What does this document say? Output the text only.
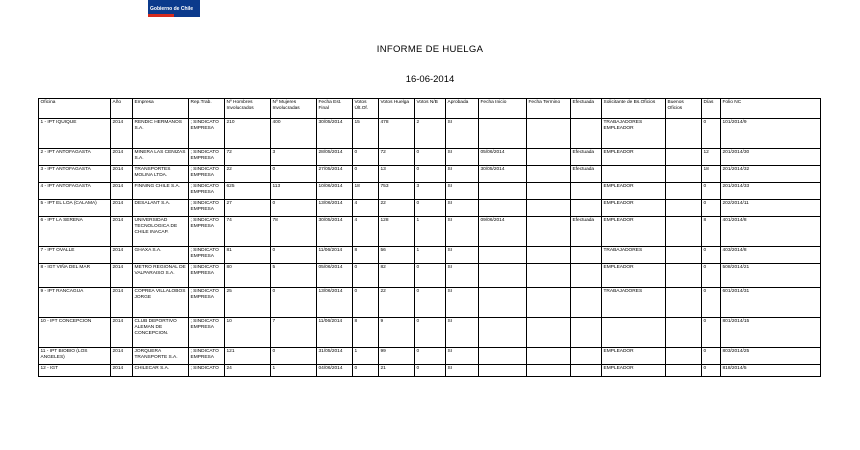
Gobierno de Chile
INFORME DE HUELGA
16-06-2014
Oficina	Año	Empresa	Rep.Trab.	Nº Hombres Involucrados	Nº Mujeres Involucradas	Fecha Est. Final	Votos Últ.Of.	Votos Huelga	Votos N/B	Aprobada	Fecha Inicio	Fecha Termino	Efectuada	Solicitante de Bs.Oficios	Buenos Oficios	Días	Folio NC
1 - IPT IQUIQUE	2014	RENDIC HERMANOS S.A.	; SINDICATO EMPRESA	210	400	30/05/2014	15	478	2	SI				TRABAJADORES EMPLEADOR		0	101/2014/9
2 - IPT ANTOFAGASTA	2014	MINERA LAS CENIZAS S.A.	; SINDICATO EMPRESA	72	3	28/05/2014	0	72	0	SI	05/06/2014		Efectuada	EMPLEADOR		12	201/2014/30
3 - IPT ANTOFAGASTA	2014	TRANSPORTES MOLINA LTDA.	; SINDICATO EMPRESA	22	0	27/05/2014	0	13	0	SI	30/05/2014		Efectuada			18	201/2014/32
4 - IPT ANTOFAGASTA	2014	FINNING CHILE S.A.	; SINDICATO EMPRESA	625	113	10/06/2014	18	753	3	SI				EMPLEADOR		0	201/2014/33
5 - IPT EL LOA (CALAMA)	2014	DESALANT S.A.	; SINDICATO EMPRESA	27	0	13/06/2014	4	22	0	SI				EMPLEADOR		0	202/2014/11
6 - IPT LA SERENA	2014	UNIVERSIDAD TECNOLOGICA DE CHILE INACAP.	; SINDICATO EMPRESA	74	78	30/05/2014	4	128	1	SI	09/06/2014		Efectuada	EMPLEADOR		8	401/2014/8
7 - IPT OVALLE	2014	GHAXA S.A.	; SINDICATO EMPRESA	81	0	11/06/2014	8	56	1	SI				TRABAJADORES		0	403/2014/8
8 - IGT VIÑA DEL MAR	2014	METRO REGIONAL DE VALPARAISO S.A.	; SINDICATO EMPRESA	80	5	05/06/2014	0	82	0	SI				EMPLEADOR		0	508/2014/21
9 - IPT RANCAGUA	2014	COPREA VILLALOBOS JORGE	; SINDICATO EMPRESA	25	0	13/06/2014	0	22	0	SI				TRABAJADORES		0	601/2014/31
10 - IPT CONCEPCION	2014	CLUB DEPORTIVO ALEMAN DE CONCEPCION.	; SINDICATO EMPRESA	10	7	11/06/2014	8	9	0	SI						0	801/2014/15
11 - IPT BIOBIO (LOS ANGELES)	2014	JORQUERA TRANSPORTE S.A.	; SINDICATO EMPRESA	121	0	31/05/2014	1	99	0	SI				EMPLEADOR		0	803/2014/25
12 - IGT	2014	CHILECAR S.A.	; SINDICATO	24	1	04/06/2014	0	21	0	SI				EMPLEADOR		0	818/2014/5
